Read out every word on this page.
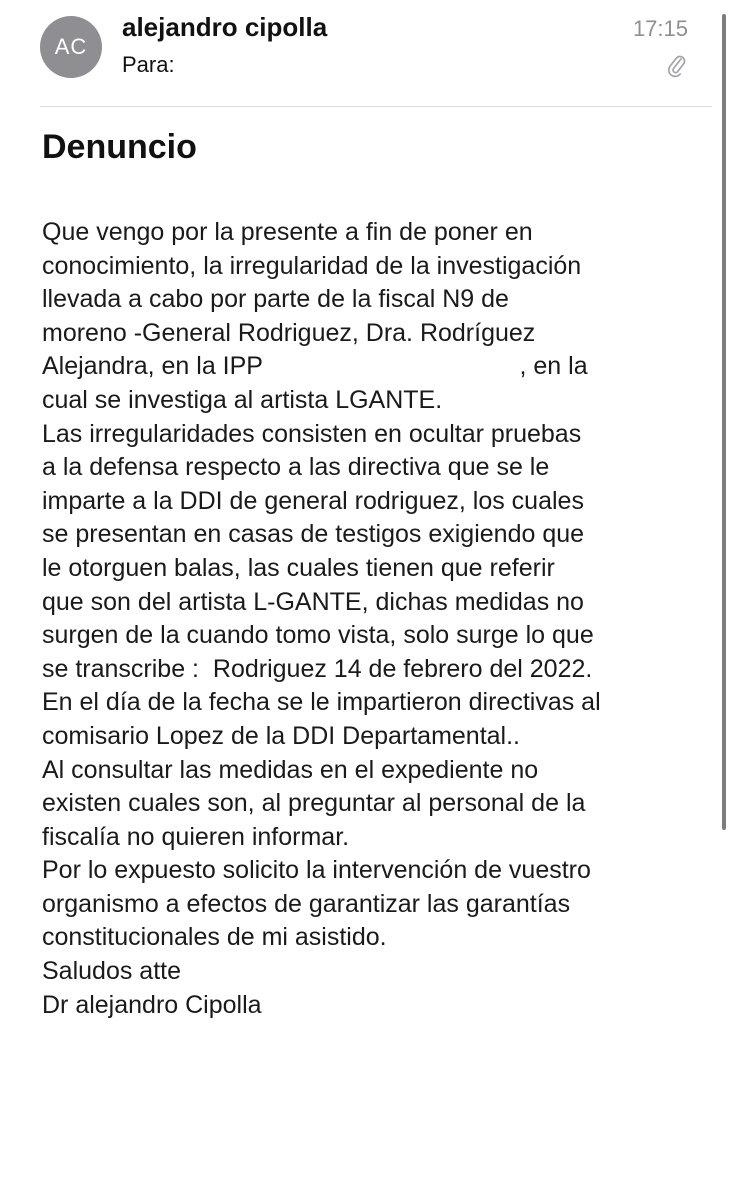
AC
alejandro cipolla
Para:
17:15
Denuncio
Que vengo por la presente a fin de poner en
conocimiento, la irregularidad de la investigación
llevada a cabo por parte de la fiscal N9 de
moreno -General Rodriguez, Dra. Rodríguez
Alejandra, en la IPP                                     , en la
cual se investiga al artista LGANTE.
Las irregularidades consisten en ocultar pruebas
a la defensa respecto a las directiva que se le
imparte a la DDI de general rodriguez, los cuales
se presentan en casas de testigos exigiendo que
le otorguen balas, las cuales tienen que referir
que son del artista L-GANTE, dichas medidas no
surgen de la cuando tomo vista, solo surge lo que
se transcribe :  Rodriguez 14 de febrero del 2022.
En el día de la fecha se le impartieron directivas al
comisario Lopez de la DDI Departamental..
Al consultar las medidas en el expediente no
existen cuales son, al preguntar al personal de la
fiscalía no quieren informar.
Por lo expuesto solicito la intervención de vuestro
organismo a efectos de garantizar las garantías
constitucionales de mi asistido.
Saludos atte
Dr alejandro Cipolla
